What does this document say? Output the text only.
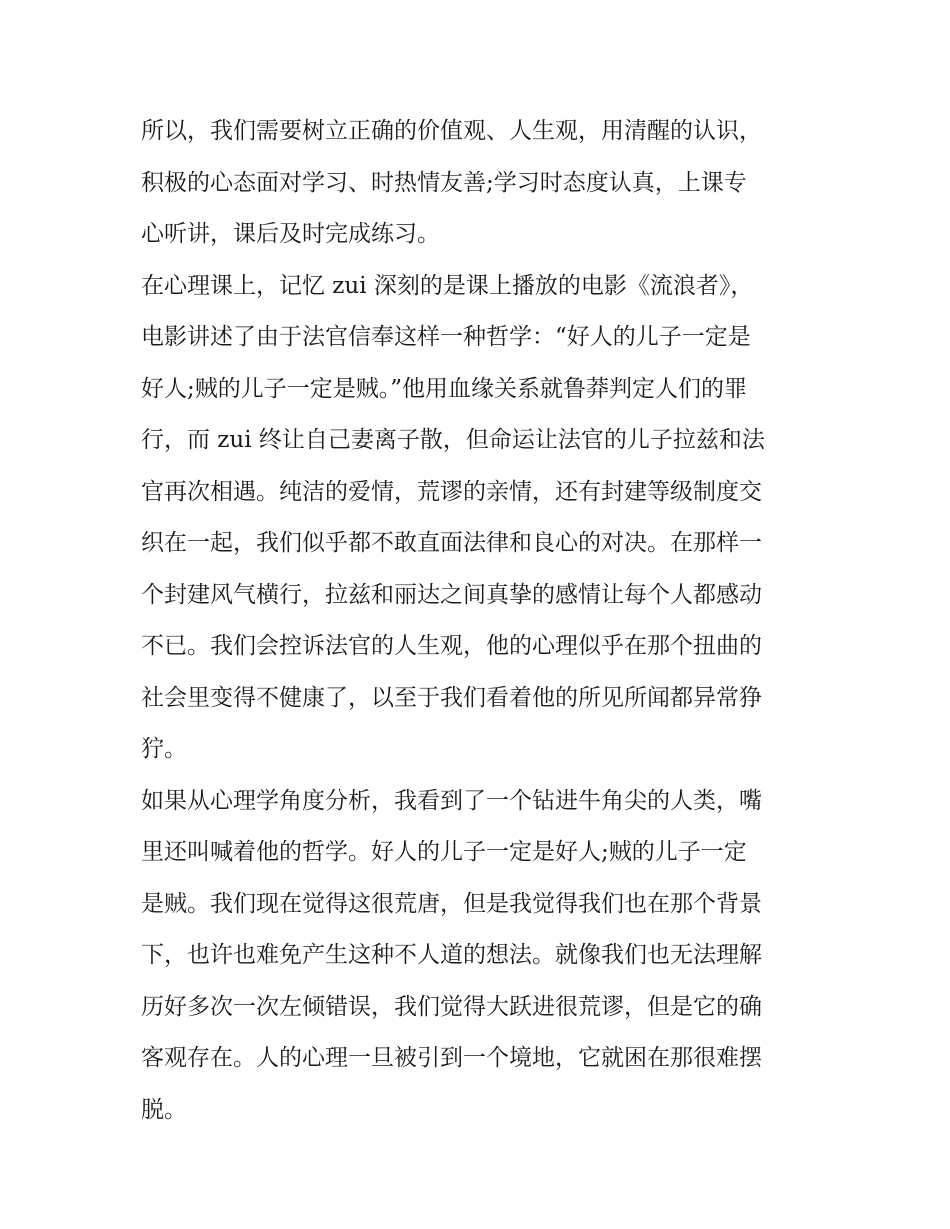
所以，我们需要树立正确的价值观、人生观，用清醒的认识，
积极的心态面对学习、时热情友善;学习时态度认真，上课专
心听讲，课后及时完成练习。
在心理课上，记忆 zui 深刻的是课上播放的电影《流浪者》，
电影讲述了由于法官信奉这样一种哲学：“好人的儿子一定是
好人;贼的儿子一定是贼。”他用血缘关系就鲁莽判定人们的罪
行，而 zui 终让自己妻离子散，但命运让法官的儿子拉兹和法
官再次相遇。纯洁的爱情，荒谬的亲情，还有封建等级制度交
织在一起，我们似乎都不敢直面法律和良心的对决。在那样一
个封建风气横行，拉兹和丽达之间真挚的感情让每个人都感动
不已。我们会控诉法官的人生观，他的心理似乎在那个扭曲的
社会里变得不健康了，以至于我们看着他的所见所闻都异常狰
狞。
如果从心理学角度分析，我看到了一个钻进牛角尖的人类，嘴
里还叫喊着他的哲学。好人的儿子一定是好人;贼的儿子一定
是贼。我们现在觉得这很荒唐，但是我觉得我们也在那个背景
下，也许也难免产生这种不人道的想法。就像我们也无法理解
历好多次一次左倾错误，我们觉得大跃进很荒谬，但是它的确
客观存在。人的心理一旦被引到一个境地，它就困在那很难摆
脱。
